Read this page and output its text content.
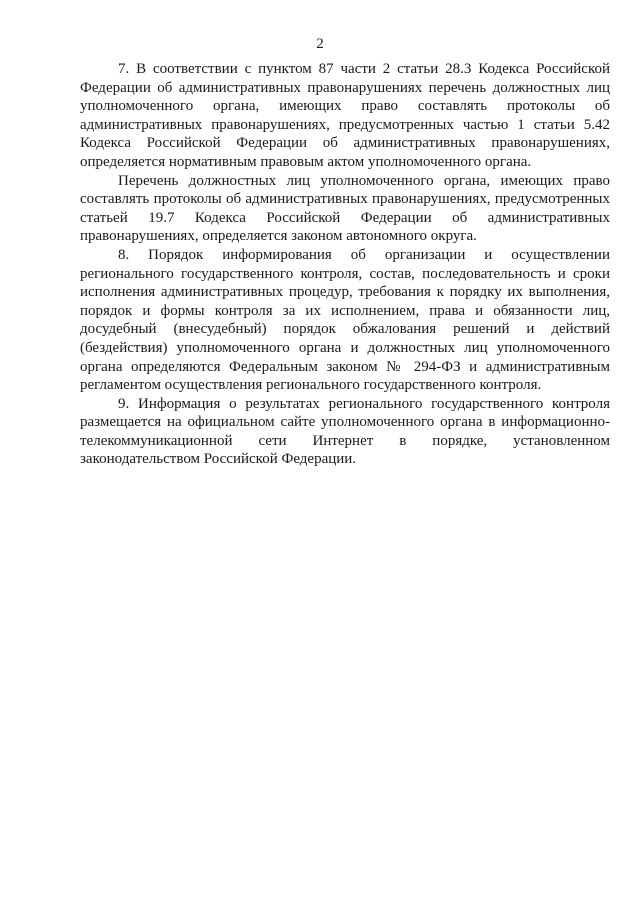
2

7. В соответствии с пунктом 87 части 2 статьи 28.3 Кодекса Российской Федерации об административных правонарушениях перечень должностных лиц уполномоченного органа, имеющих право составлять протоколы об административных правонарушениях, предусмотренных частью 1 статьи 5.42 Кодекса Российской Федерации об административных правонарушениях, определяется нормативным правовым актом уполномоченного органа.

Перечень должностных лиц уполномоченного органа, имеющих право составлять протоколы об административных правонарушениях, предусмотренных статьей 19.7 Кодекса Российской Федерации об административных правонарушениях, определяется законом автономного округа.

8. Порядок информирования об организации и осуществлении регионального государственного контроля, состав, последовательность и сроки исполнения административных процедур, требования к порядку их выполнения, порядок и формы контроля за их исполнением, права и обязанности лиц, досудебный (внесудебный) порядок обжалования решений и действий (бездействия) уполномоченного органа и должностных лиц уполномоченного органа определяются Федеральным законом № 294-ФЗ и административным регламентом осуществления регионального государственного контроля.

9. Информация о результатах регионального государственного контроля размещается на официальном сайте уполномоченного органа в информационно-телекоммуникационной сети Интернет в порядке, установленном законодательством Российской Федерации.
